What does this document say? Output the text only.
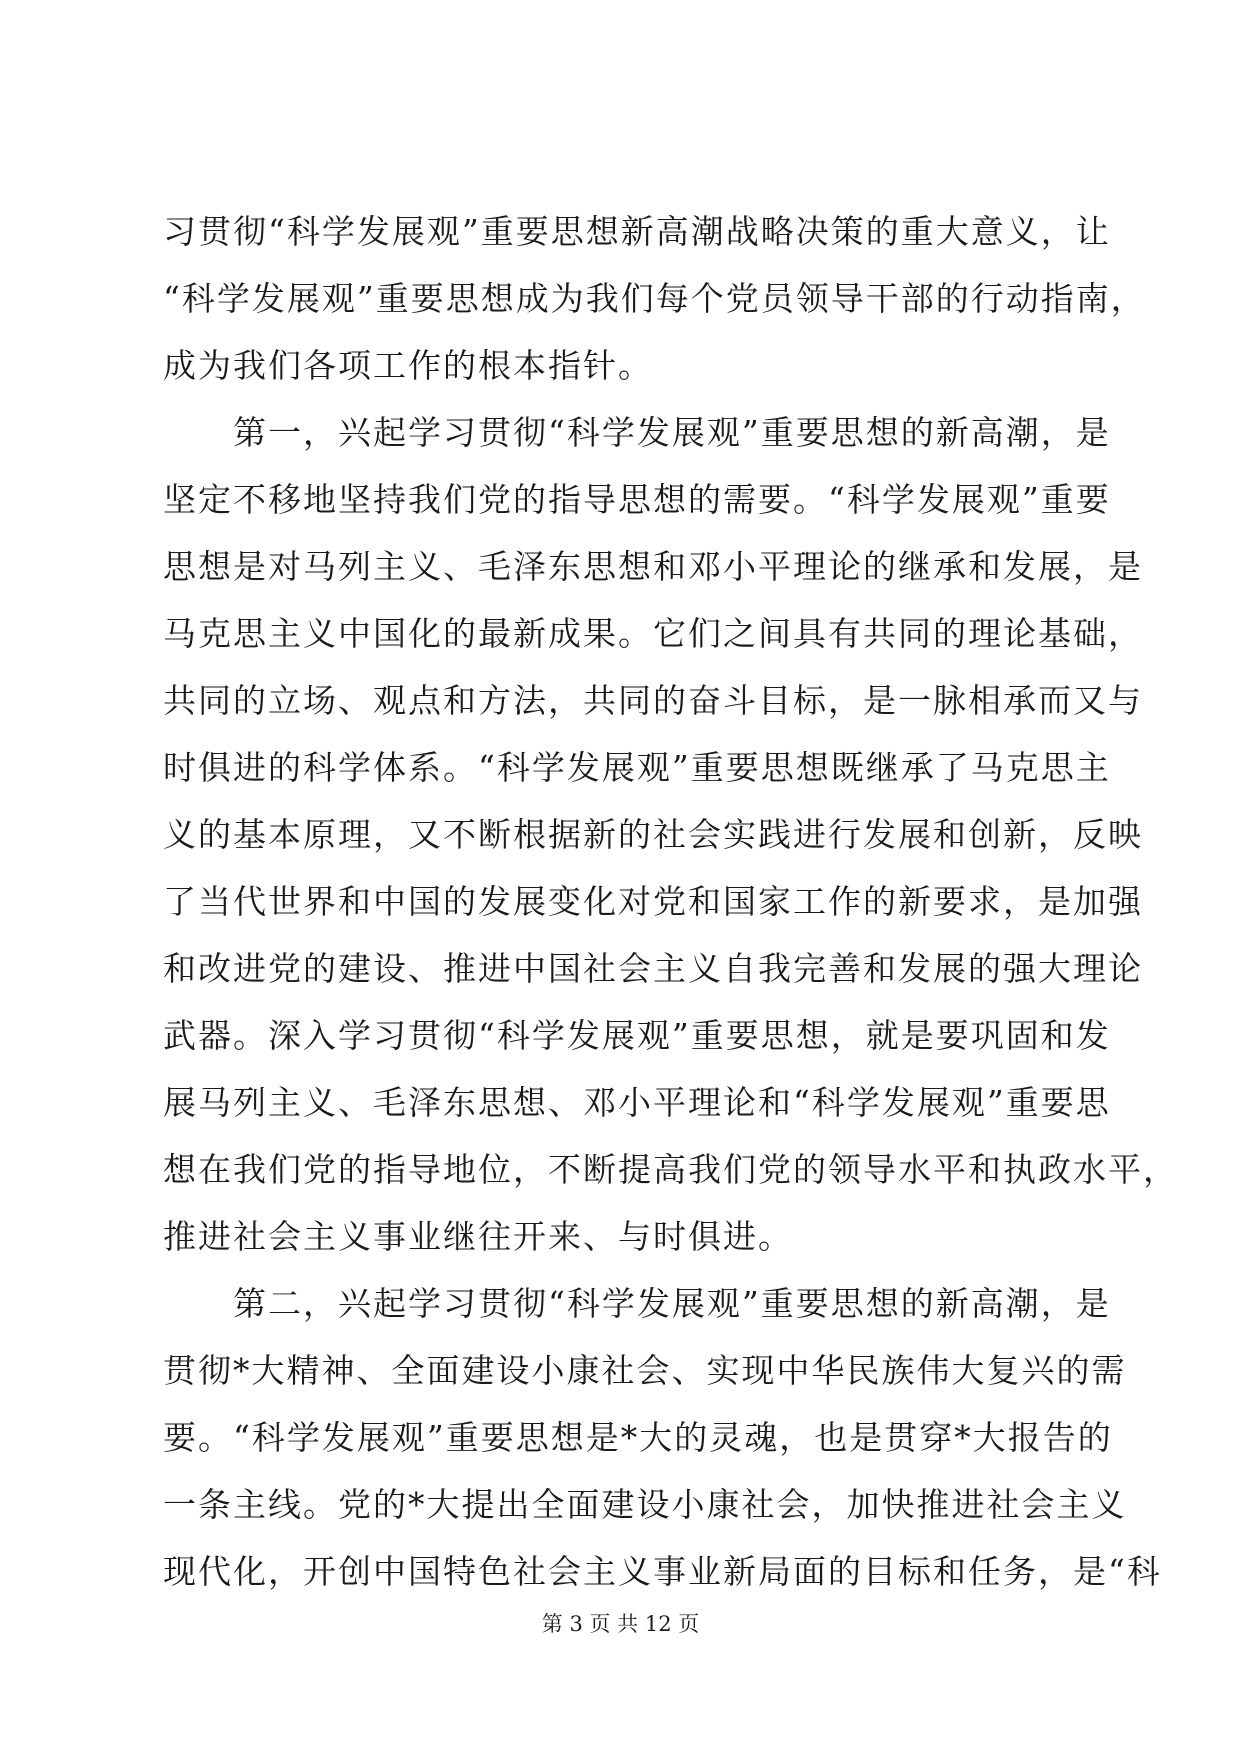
习贯彻“科学发展观”重要思想新高潮战略决策的重大意义，让
“科学发展观”重要思想成为我们每个党员领导干部的行动指南，
成为我们各项工作的根本指针。
　　第一，兴起学习贯彻“科学发展观”重要思想的新高潮，是
坚定不移地坚持我们党的指导思想的需要。“科学发展观”重要
思想是对马列主义、毛泽东思想和邓小平理论的继承和发展，是
马克思主义中国化的最新成果。它们之间具有共同的理论基础，
共同的立场、观点和方法，共同的奋斗目标，是一脉相承而又与
时俱进的科学体系。“科学发展观”重要思想既继承了马克思主
义的基本原理，又不断根据新的社会实践进行发展和创新，反映
了当代世界和中国的发展变化对党和国家工作的新要求，是加强
和改进党的建设、推进中国社会主义自我完善和发展的强大理论
武器。深入学习贯彻“科学发展观”重要思想，就是要巩固和发
展马列主义、毛泽东思想、邓小平理论和“科学发展观”重要思
想在我们党的指导地位，不断提高我们党的领导水平和执政水平，
推进社会主义事业继往开来、与时俱进。
　　第二，兴起学习贯彻“科学发展观”重要思想的新高潮，是
贯彻*大精神、全面建设小康社会、实现中华民族伟大复兴的需
要。“科学发展观”重要思想是*大的灵魂，也是贯穿*大报告的
一条主线。党的*大提出全面建设小康社会，加快推进社会主义
现代化，开创中国特色社会主义事业新局面的目标和任务，是“科
第 3 页 共 12 页
